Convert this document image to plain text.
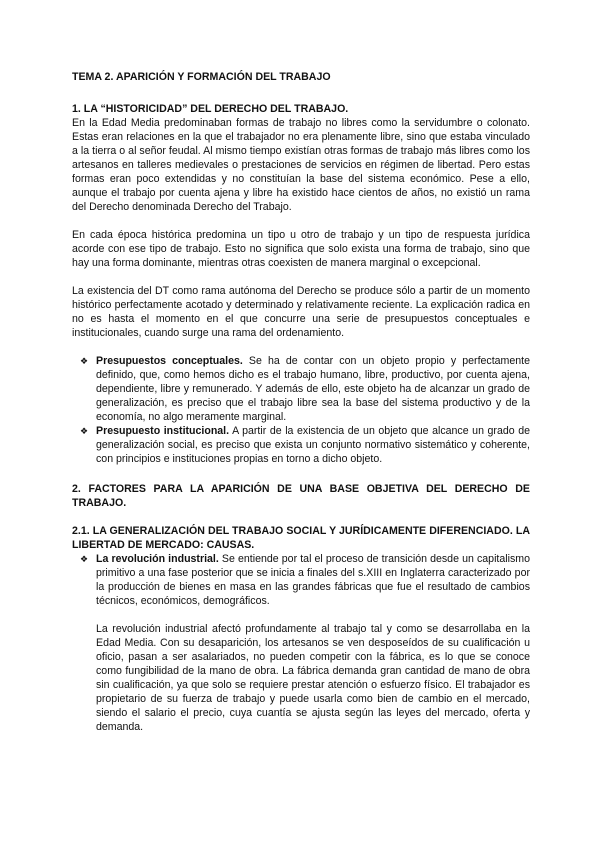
TEMA 2. APARICIÓN Y FORMACIÓN DEL TRABAJO
1. LA “HISTORICIDAD” DEL DERECHO DEL TRABAJO.

En la Edad Media predominaban formas de trabajo no libres como la servidumbre o colonato. Estas eran relaciones en la que el trabajador no era plenamente libre, sino que estaba vinculado a la tierra o al señor feudal. Al mismo tiempo existían otras formas de trabajo más libres como los artesanos en talleres medievales o prestaciones de servicios en régimen de libertad. Pero estas formas eran poco extendidas y no constituían la base del sistema económico. Pese a ello, aunque el trabajo por cuenta ajena y libre ha existido hace cientos de años, no existió un rama del Derecho denominada Derecho del Trabajo.

En cada época histórica predomina un tipo u otro de trabajo y un tipo de respuesta jurídica acorde con ese tipo de trabajo. Esto no significa que solo exista una forma de trabajo, sino que hay una forma dominante, mientras otras coexisten de manera marginal o excepcional.

La existencia del DT como rama autónoma del Derecho se produce sólo a partir de un momento histórico perfectamente acotado y determinado y relativamente reciente. La explicación radica en no es hasta el momento en el que concurre una serie de presupuestos conceptuales e institucionales, cuando surge una rama del ordenamiento.

❖ Presupuestos conceptuales. Se ha de contar con un objeto propio y perfectamente definido, que, como hemos dicho es el trabajo humano, libre, productivo, por cuenta ajena, dependiente, libre y remunerado. Y además de ello, este objeto ha de alcanzar un grado de generalización, es preciso que el trabajo libre sea la base del sistema productivo y de la economía, no algo meramente marginal.
❖ Presupuesto institucional. A partir de la existencia de un objeto que alcance un grado de generalización social, es preciso que exista un conjunto normativo sistemático y coherente, con principios e instituciones propias en torno a dicho objeto.
2. FACTORES PARA LA APARICIÓN DE UNA BASE OBJETIVA DEL DERECHO DE TRABAJO.
2.1. LA GENERALIZACIÓN DEL TRABAJO SOCIAL Y JURÍDICAMENTE DIFERENCIADO. LA LIBERTAD DE MERCADO: CAUSAS.
❖ La revolución industrial. Se entiende por tal el proceso de transición desde un capitalismo primitivo a una fase posterior que se inicia a finales del s.XIII en Inglaterra caracterizado por la producción de bienes en masa en las grandes fábricas que fue el resultado de cambios técnicos, económicos, demográficos.

La revolución industrial afectó profundamente al trabajo tal y como se desarrollaba en la Edad Media. Con su desaparición, los artesanos se ven desposeídos de su cualificación u oficio, pasan a ser asalariados, no pueden competir con la fábrica, es lo que se conoce como fungibilidad de la mano de obra. La fábrica demanda gran cantidad de mano de obra sin cualificación, ya que solo se requiere prestar atención o esfuerzo físico. El trabajador es propietario de su fuerza de trabajo y puede usarla como bien de cambio en el mercado, siendo el salario el precio, cuya cuantía se ajusta según las leyes del mercado, oferta y demanda.
